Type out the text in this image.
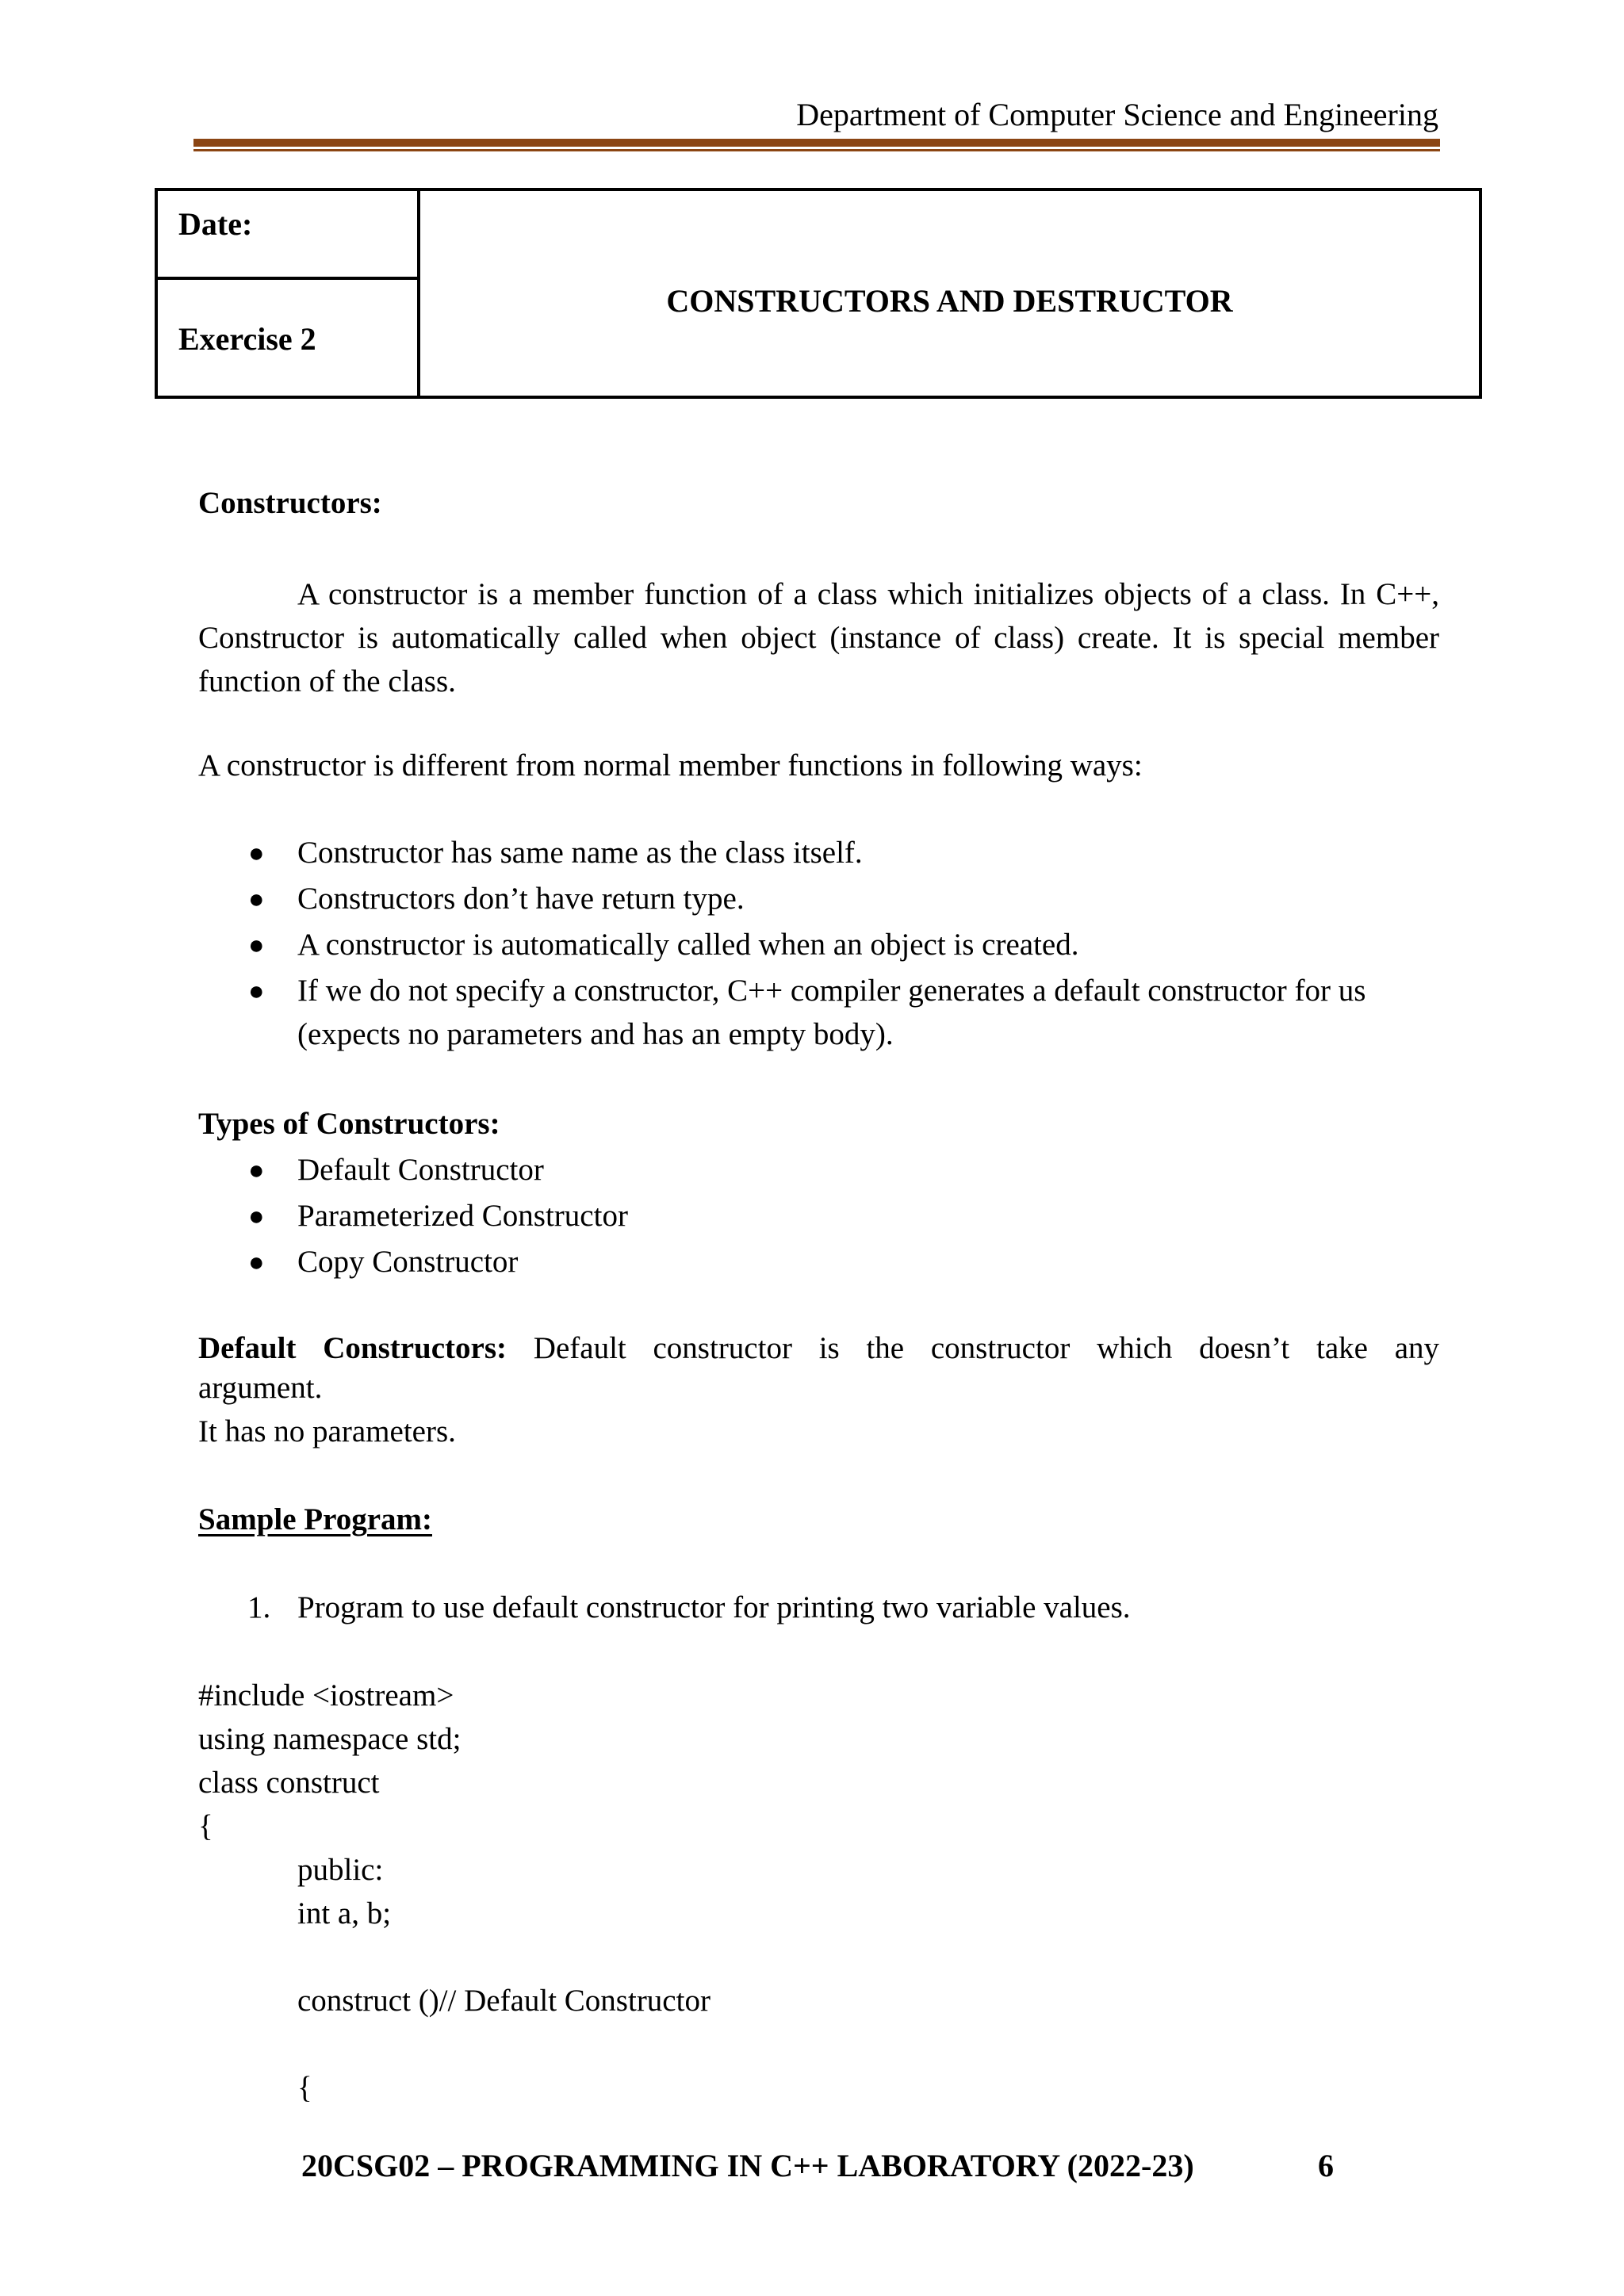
Department of Computer Science and Engineering
Date:
Exercise 2
CONSTRUCTORS AND DESTRUCTOR
Constructors:
A constructor is a member function of a class which initializes objects of a class. In C++, Constructor is automatically called when object (instance of class) create. It is special member function of the class.
A constructor is different from normal member functions in following ways:
● Constructor has same name as the class itself.
● Constructors don’t have return type.
● A constructor is automatically called when an object is created.
● If we do not specify a constructor, C++ compiler generates a default constructor for us
(expects no parameters and has an empty body).
Types of Constructors:
● Default Constructor
● Parameterized Constructor
● Copy Constructor
Default Constructors: Default constructor is the constructor which doesn’t take any
argument.
It has no parameters.
Sample Program:
1. Program to use default constructor for printing two variable values.
#include <iostream>
using namespace std;
class construct
{
public:
int a, b;
construct ()// Default Constructor
{
20CSG02 – PROGRAMMING IN C++ LABORATORY (2022-23)	6
